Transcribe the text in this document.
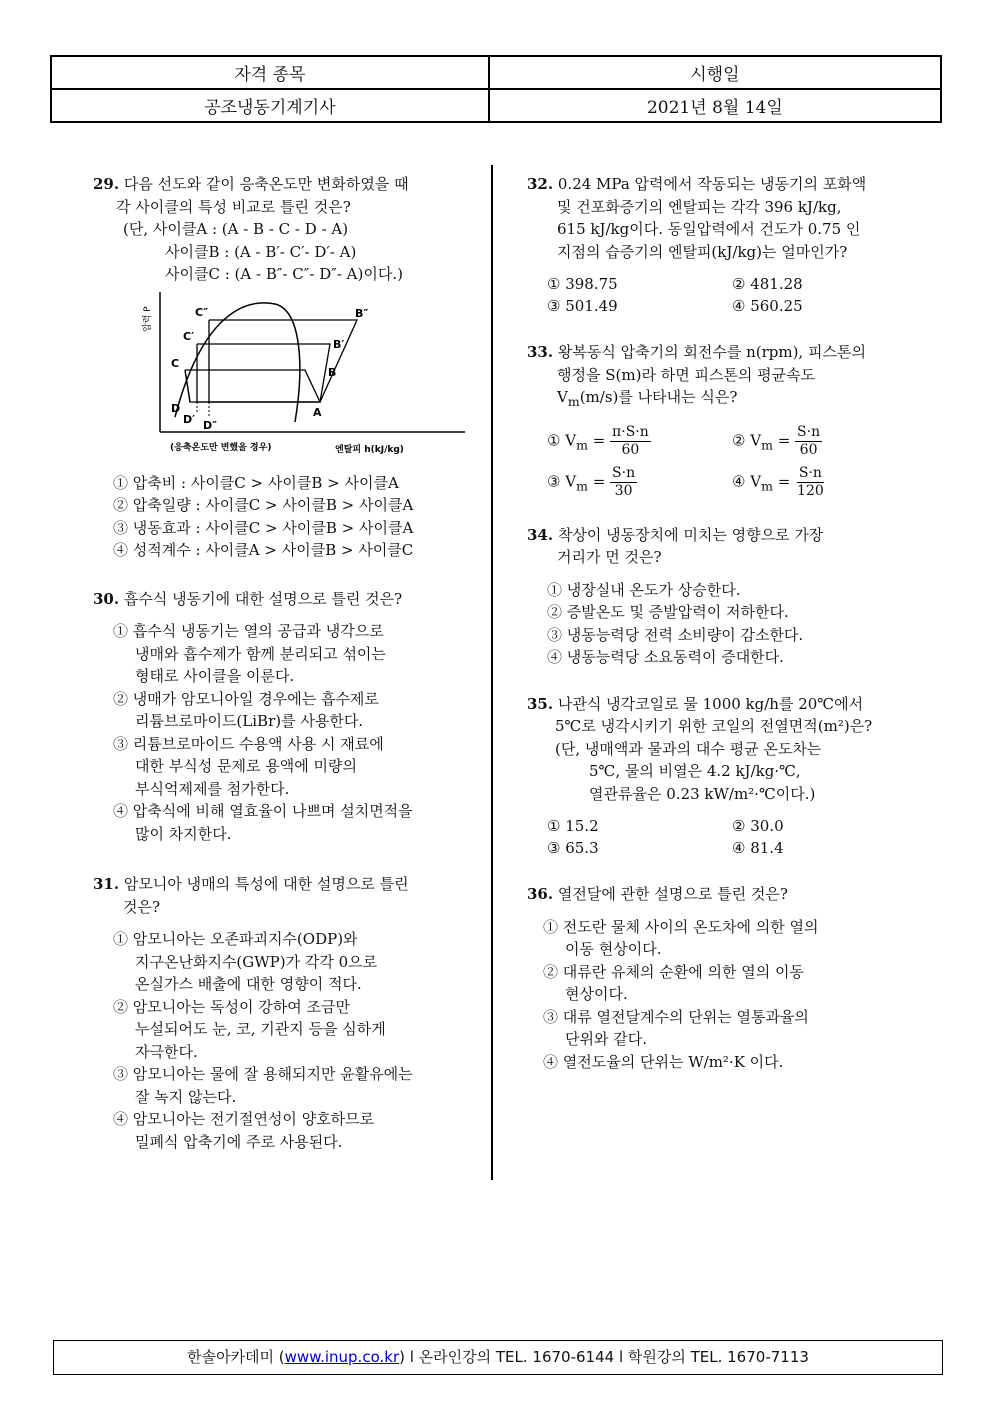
자격 종목	시행일
공조냉동기계기사	2021년 8월 14일
29. 다음 선도와 같이 응축온도만 변화하였을 때
각 사이클의 특성 비교로 틀린 것은?
(단, 사이클A : (A - B - C - D - A)
사이클B : (A - B′- C′- D′- A)
사이클C : (A - B″- C″- D″- A)이다.)
압력 P
A
B
B′
B″
C
C′
C″
D
D′ D″
(응축온도만 변했을 경우)	엔탈피 h(kJ/kg)
① 압축비 : 사이클C > 사이클B > 사이클A
② 압축일량 : 사이클C > 사이클B > 사이클A
③ 냉동효과 : 사이클C > 사이클B > 사이클A
④ 성적계수 : 사이클A > 사이클B > 사이클C
30. 흡수식 냉동기에 대한 설명으로 틀린 것은?
① 흡수식 냉동기는 열의 공급과 냉각으로
냉매와 흡수제가 함께 분리되고 섞이는
형태로 사이클을 이룬다.
② 냉매가 암모니아일 경우에는 흡수제로
리튬브로마이드(LiBr)를 사용한다.
③ 리튬브로마이드 수용액 사용 시 재료에
대한 부식성 문제로 용액에 미량의
부식억제제를 첨가한다.
④ 압축식에 비해 열효율이 나쁘며 설치면적을
많이 차지한다.
31. 암모니아 냉매의 특성에 대한 설명으로 틀린
것은?
① 암모니아는 오존파괴지수(ODP)와
지구온난화지수(GWP)가 각각 0으로
온실가스 배출에 대한 영향이 적다.
② 암모니아는 독성이 강하여 조금만
누설되어도 눈, 코, 기관지 등을 심하게
자극한다.
③ 암모니아는 물에 잘 용해되지만 윤활유에는
잘 녹지 않는다.
④ 암모니아는 전기절연성이 양호하므로
밀폐식 압축기에 주로 사용된다.
32. 0.24 MPa 압력에서 작동되는 냉동기의 포화액
및 건포화증기의 엔탈피는 각각 396 kJ/kg,
615 kJ/kg이다. 동일압력에서 건도가 0.75 인
지점의 습증기의 엔탈피(kJ/kg)는 얼마인가?
① 398.75	② 481.28
③ 501.49	④ 560.25
33. 왕복동식 압축기의 회전수를 n(rpm), 피스톤의
행정을 S(m)라 하면 피스톤의 평균속도
$V_m(m/s)$를 나타내는 식은?
① $V_m = \frac{\pi\cdot S\cdot n}{60}$	② $V_m = \frac{S\cdot n}{60}$
③ $V_m = \frac{S\cdot n}{30}$	④ $V_m = \frac{S\cdot n}{120}$
34. 착상이 냉동장치에 미치는 영향으로 가장
거리가 먼 것은?
① 냉장실내 온도가 상승한다.
② 증발온도 및 증발압력이 저하한다.
③ 냉동능력당 전력 소비량이 감소한다.
④ 냉동능력당 소요동력이 증대한다.
35. 나관식 냉각코일로 물 1000 kg/h를 20℃에서
5℃로 냉각시키기 위한 코일의 전열면적(m²)은?
(단, 냉매액과 물과의 대수 평균 온도차는
5℃, 물의 비열은 4.2 kJ/kg·℃,
열관류율은 0.23 kW/m²·℃이다.)
① 15.2	② 30.0
③ 65.3	④ 81.4
36. 열전달에 관한 설명으로 틀린 것은?
① 전도란 물체 사이의 온도차에 의한 열의
이동 현상이다.
② 대류란 유체의 순환에 의한 열의 이동
현상이다.
③ 대류 열전달계수의 단위는 열통과율의
단위와 같다.
④ 열전도율의 단위는 W/m²·K 이다.
한솔아카데미 (www.inup.co.kr) l 온라인강의 TEL. 1670-6144 l 학원강의 TEL. 1670-7113
